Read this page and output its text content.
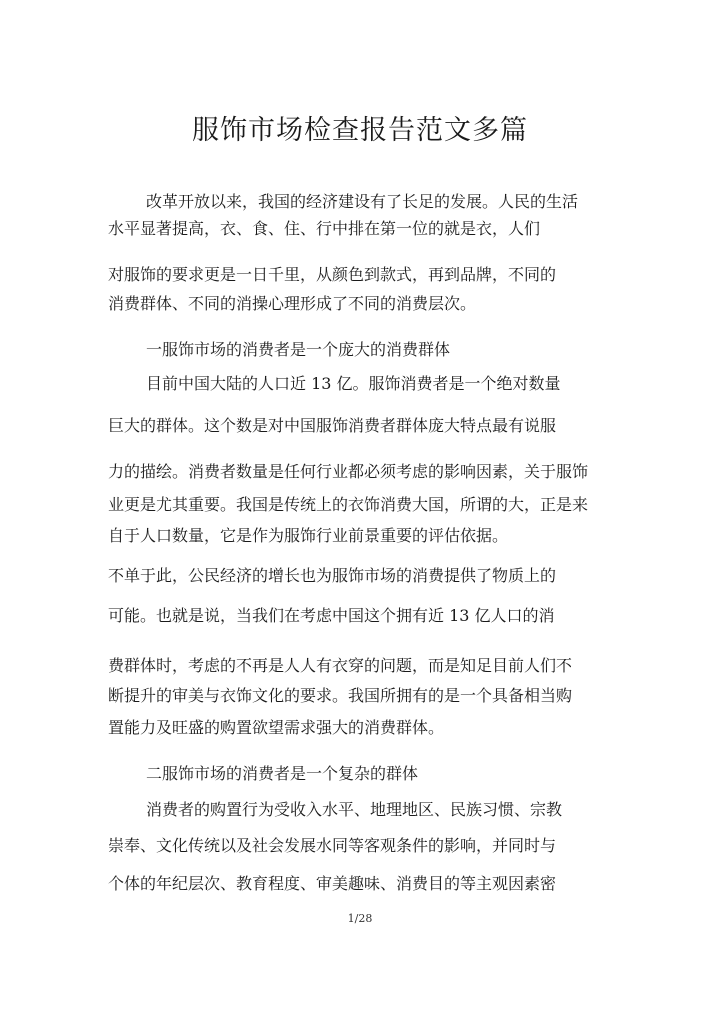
服饰市场检查报告范文多篇

改革开放以来，我国的经济建设有了长足的发展。人民的生活

水平显著提高，衣、食、住、行中排在第一位的就是衣，人们

对服饰的要求更是一日千里，从颜色到款式，再到品牌，不同的

消费群体、不同的消操心理形成了不同的消费层次。

一服饰市场的消费者是一个庞大的消费群体

目前中国大陆的人口近 13 亿。服饰消费者是一个绝对数量

巨大的群体。这个数是对中国服饰消费者群体庞大特点最有说服

力的描绘。消费者数量是任何行业都必须考虑的影响因素，关于服饰

业更是尤其重要。我国是传统上的衣饰消费大国，所谓的大，正是来

自于人口数量，它是作为服饰行业前景重要的评估依据。

不单于此，公民经济的增长也为服饰市场的消费提供了物质上的

可能。也就是说，当我们在考虑中国这个拥有近 13 亿人口的消

费群体时，考虑的不再是人人有衣穿的问题，而是知足目前人们不

断提升的审美与衣饰文化的要求。我国所拥有的是一个具备相当购

置能力及旺盛的购置欲望需求强大的消费群体。

二服饰市场的消费者是一个复杂的群体

消费者的购置行为受收入水平、地理地区、民族习惯、宗教

崇奉、文化传统以及社会发展水同等客观条件的影响，并同时与

个体的年纪层次、教育程度、审美趣味、消费目的等主观因素密

1/28
